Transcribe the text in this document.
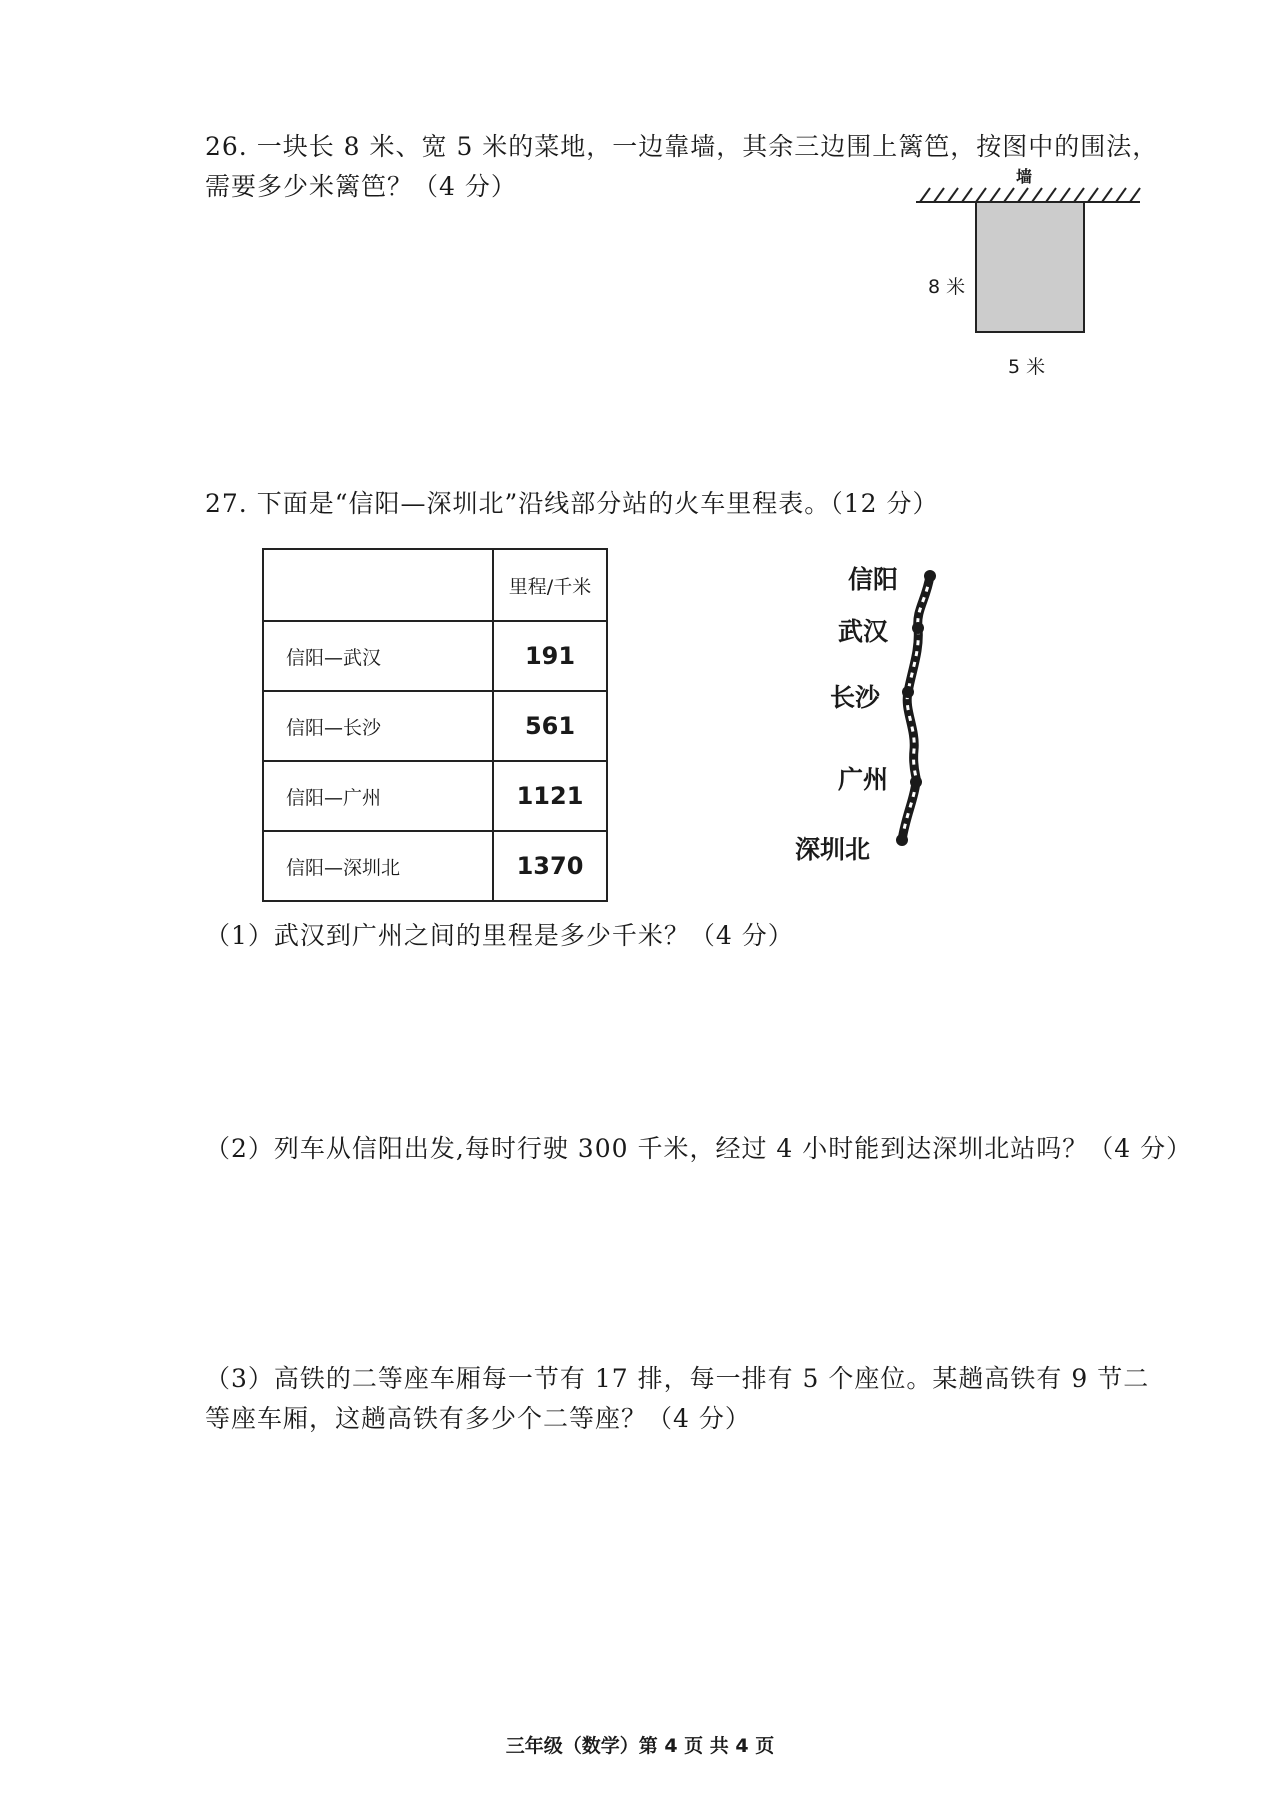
26. 一块长 8 米、宽 5 米的菜地，一边靠墙，其余三边围上篱笆，按图中的围法，
需要多少米篱笆？（4 分）	墙
8 米
5 米
27. 下面是“信阳—深圳北”沿线部分站的火车里程表。（12 分）
	里程/千米
信阳—武汉	191
信阳—长沙	561
信阳—广州	1121
信阳—深圳北	1370
信阳
武汉
长沙
广州
深圳北
（1）武汉到广州之间的里程是多少千米？（4 分）
（2）列车从信阳出发,每时行驶 300 千米，经过 4 小时能到达深圳北站吗？（4 分）
（3）高铁的二等座车厢每一节有 17 排，每一排有 5 个座位。某趟高铁有 9 节二
等座车厢，这趟高铁有多少个二等座？（4 分）
三年级（数学）第 4 页 共 4 页
